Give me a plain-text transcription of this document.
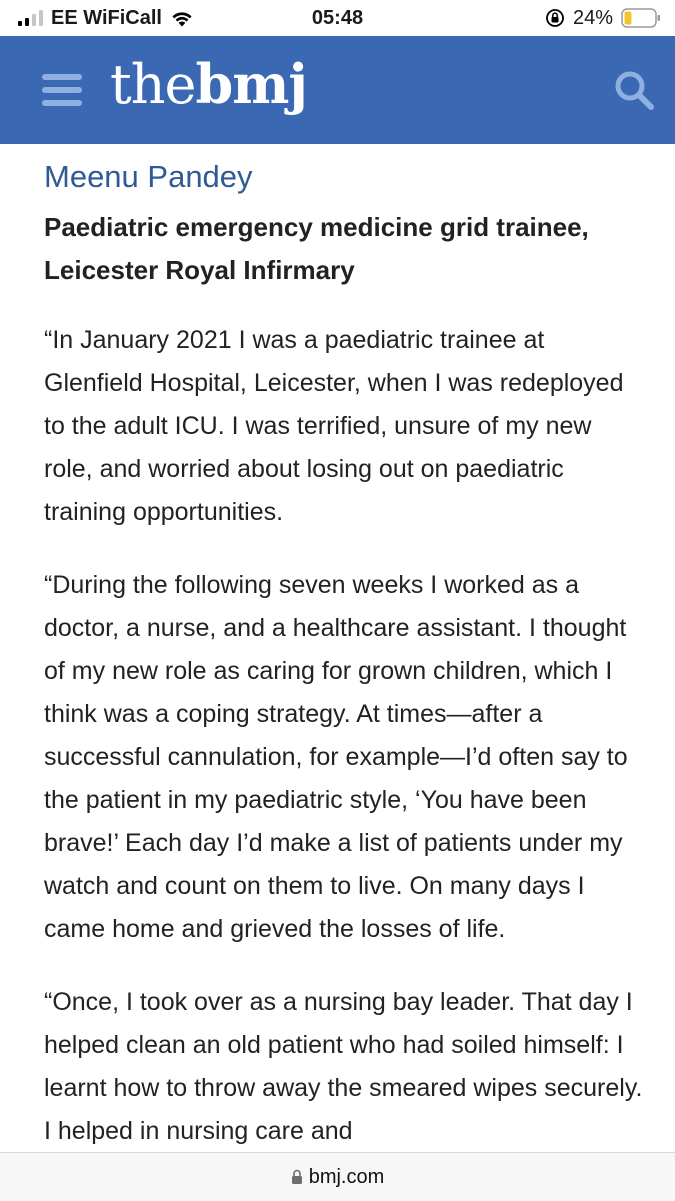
EE WiFiCall	05:48	24%
the bmj
Meenu Pandey

Paediatric emergency medicine grid trainee, Leicester Royal Infirmary

“In January 2021 I was a paediatric trainee at Glenfield Hospital, Leicester, when I was redeployed to the adult ICU. I was terrified, unsure of my new role, and worried about losing out on paediatric training opportunities.

“During the following seven weeks I worked as a doctor, a nurse, and a healthcare assistant. I thought of my new role as caring for grown children, which I think was a coping strategy. At times—after a successful cannulation, for example—I’d often say to the patient in my paediatric style, ‘You have been brave!’ Each day I’d make a list of patients under my watch and count on them to live. On many days I came home and grieved the losses of life.

“Once, I took over as a nursing bay leader. That day I helped clean an old patient who had soiled himself: I learnt how to throw away the smeared wipes securely. I helped in nursing care and

bmj.com
